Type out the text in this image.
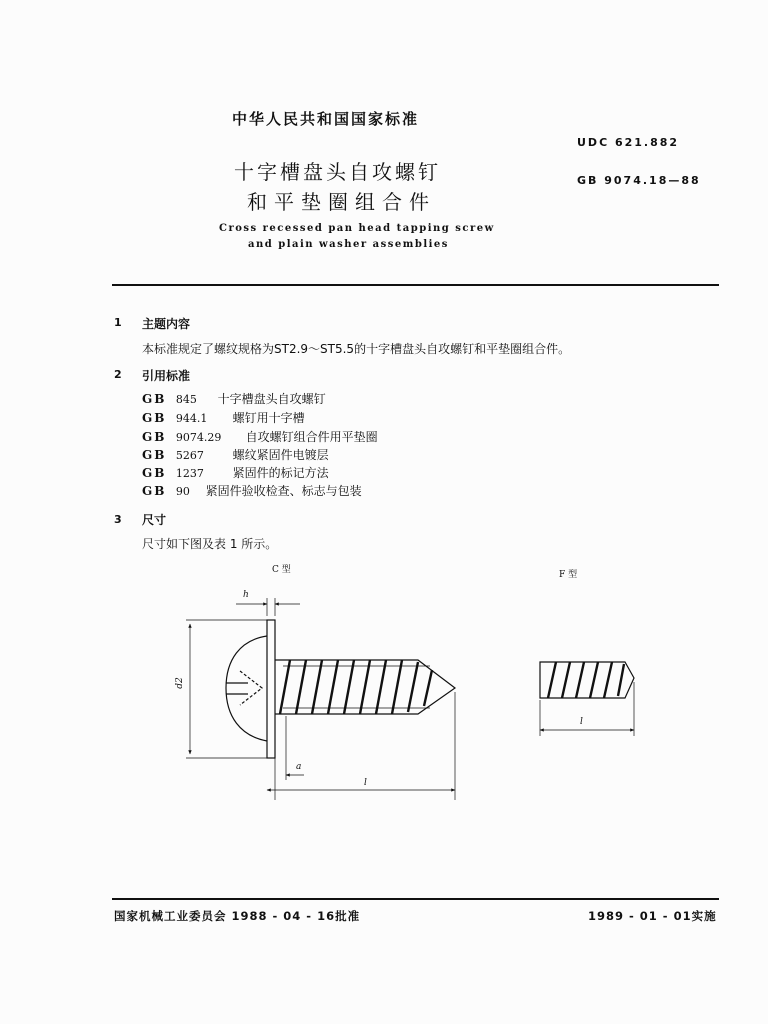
中华人民共和国国家标准
UDC 621.882
GB 9074.18—88
十字槽盘头自攻螺钉
和平垫圈组合件
Cross recessed pan head tapping screw
and plain washer assemblies
1 主题内容
本标准规定了螺纹规格为ST2.9～ST5.5的十字槽盘头自攻螺钉和平垫圈组合件。
2 引用标准
GB 845 十字槽盘头自攻螺钉
GB 944.1 螺钉用十字槽
GB 9074.29 自攻螺钉组合件用平垫圈
GB 5267 螺纹紧固件电镀层
GB 1237 紧固件的标记方法
GB 90 紧固件验收检查、标志与包装
3 尺寸
尺寸如下图及表 1 所示。
C 型	F 型
h
d2
a
l
l
国家机械工业委员会 1988 - 04 - 16批准	1989 - 01 - 01实施
